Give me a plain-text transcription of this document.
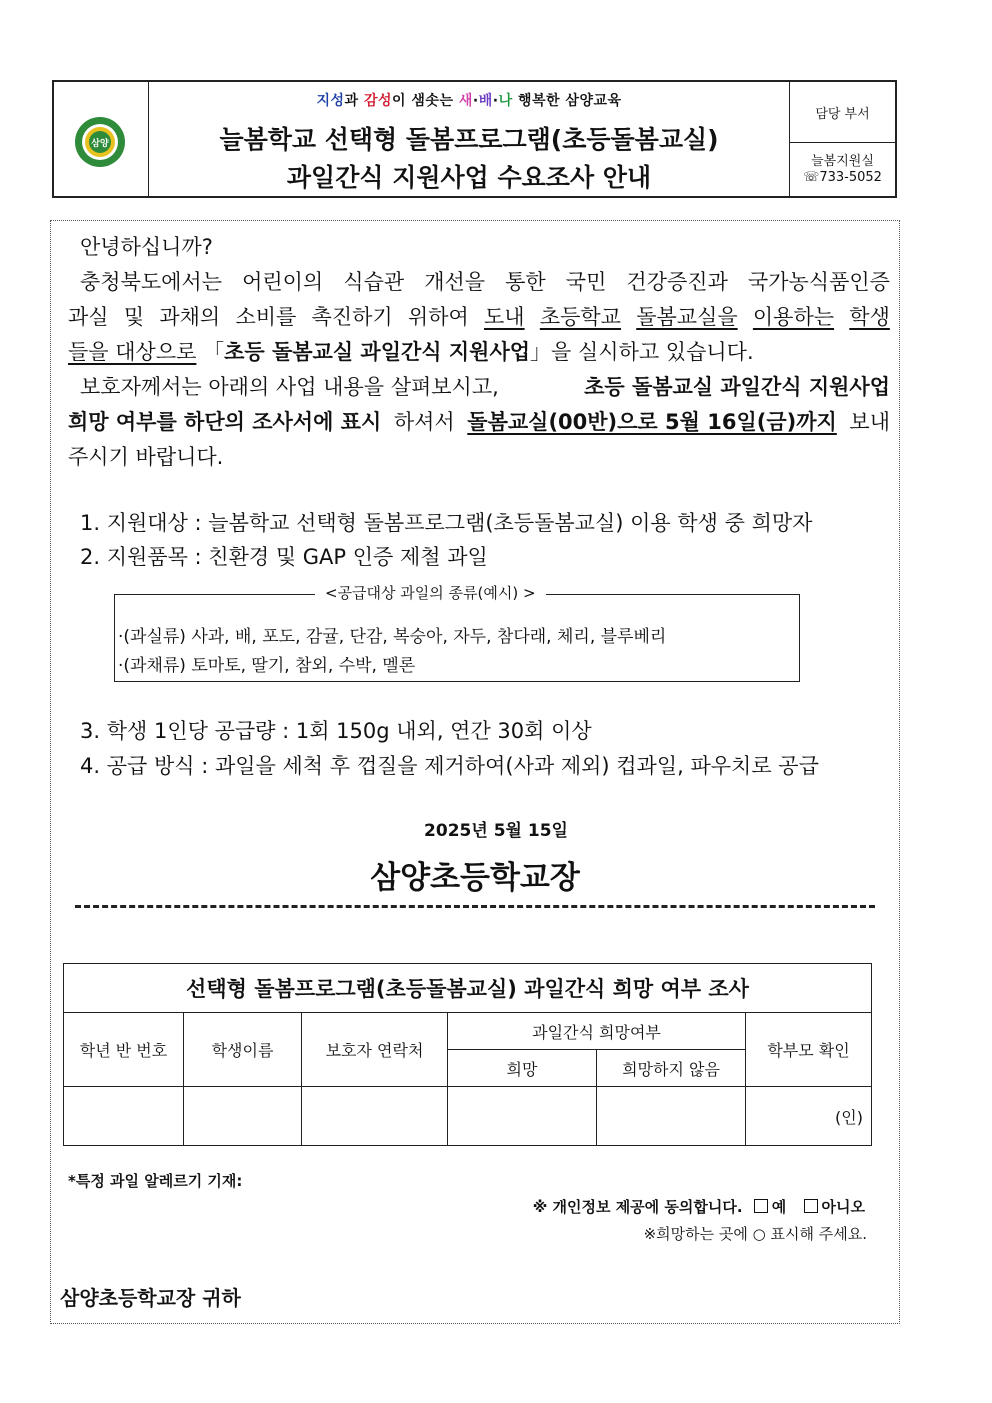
삼양
지성과 감성이 샘솟는 새·배·나 행복한 삼양교육
늘봄학교 선택형 돌봄프로그램(초등돌봄교실)
과일간식 지원사업 수요조사 안내
담당 부서
늘봄지원실
☏733-5052
안녕하십니까?
충청북도에서는 어린이의 식습관 개선을 통한 국민 건강증진과 국가농식품인증
과실 및 과채의 소비를 촉진하기 위하여 도내 초등학교 돌봄교실을 이용하는 학생
들을 대상으로 「초등 돌봄교실 과일간식 지원사업」을 실시하고 있습니다.
보호자께서는 아래의 사업 내용을 살펴보시고,	초등 돌봄교실 과일간식 지원사업
희망 여부를 하단의 조사서에 표시 하셔서 돌봄교실(00반)으로 5월 16일(금)까지 보내
주시기 바랍니다.
1. 지원대상 : 늘봄학교 선택형 돌봄프로그램(초등돌봄교실) 이용 학생 중 희망자
2. 지원품목 : 친환경 및 GAP 인증 제철 과일
<공급대상 과일의 종류(예시) >
·(과실류) 사과, 배, 포도, 감귤, 단감, 복숭아, 자두, 참다래, 체리, 블루베리
·(과채류) 토마토, 딸기, 참외, 수박, 멜론
3. 학생 1인당 공급량 : 1회 150g 내외, 연간 30회 이상
4. 공급 방식 : 과일을 세척 후 껍질을 제거하여(사과 제외) 컵과일, 파우치로 공급
2025년 5월 15일
삼양초등학교장
선택형 돌봄프로그램(초등돌봄교실) 과일간식 희망 여부 조사					
학년 반 번호	학생이름	보호자 연락처	과일간식 희망여부		학부모 확인
			희망	희망하지 않음	
					(인)
*특정 과일 알레르기 기재:
※ 개인정보 제공에 동의합니다. 예 아니오
※희망하는 곳에 ○ 표시해 주세요.
삼양초등학교장 귀하
